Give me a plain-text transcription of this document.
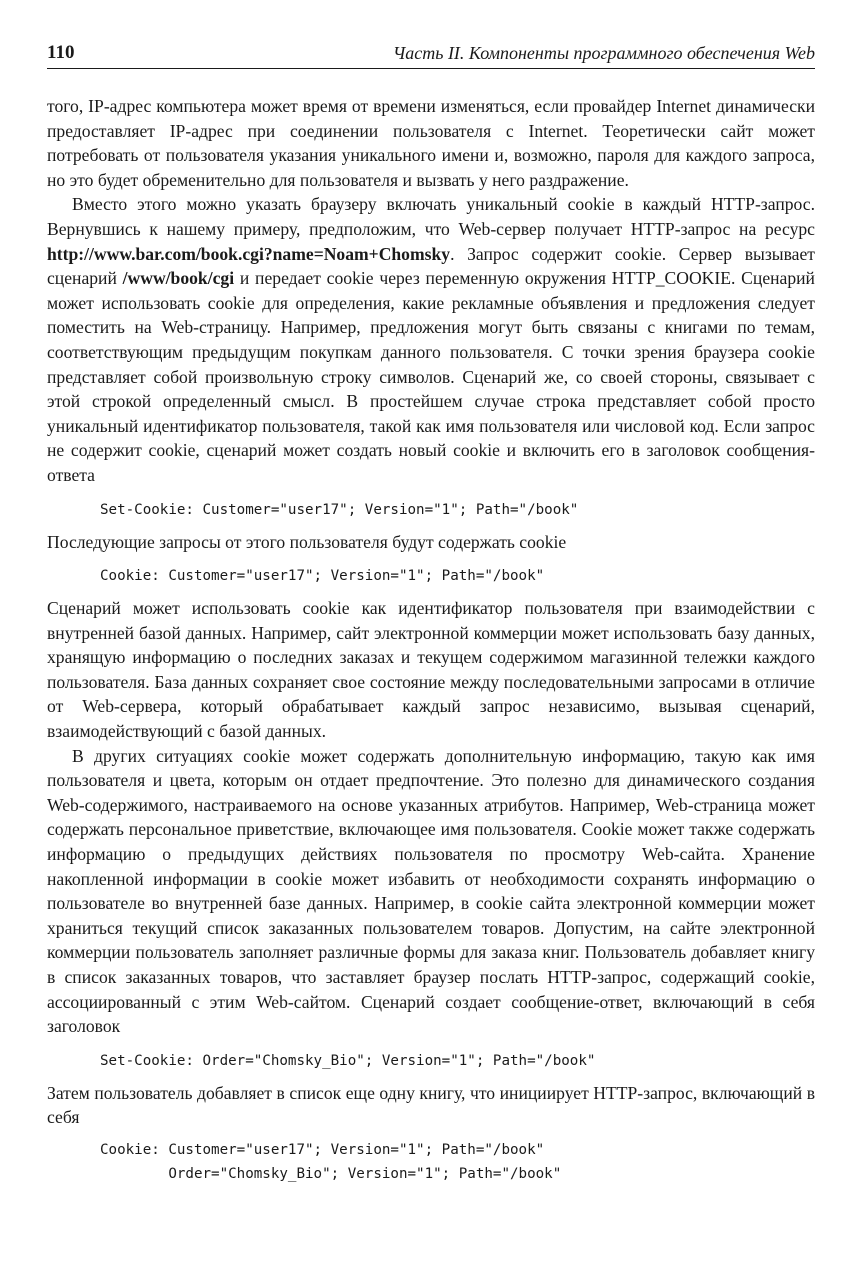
110	Часть II. Компоненты программного обеспечения Web

того, IP-адрес компьютера может время от времени изменяться, если провайдер Internet динамически предоставляет IP-адрес при соединении пользователя с Internet. Теоретически сайт может потребовать от пользователя указания уникального имени и, возможно, пароля для каждого запроса, но это будет обременительно для пользователя и вызвать у него раздражение.

Вместо этого можно указать браузеру включать уникальный cookie в каждый HTTP-запрос. Вернувшись к нашему примеру, предположим, что Web-сервер получает HTTP-запрос на ресурс http://www.bar.com/book.cgi?name=Noam+Chomsky. Запрос содержит cookie. Сервер вызывает сценарий /www/book/cgi и передает cookie через переменную окружения HTTP_COOKIE. Сценарий может использовать cookie для определения, какие рекламные объявления и предложения следует поместить на Web-страницу. Например, предложения могут быть связаны с книгами по темам, соответствующим предыдущим покупкам данного пользователя. С точки зрения браузера cookie представляет собой произвольную строку символов. Сценарий же, со своей стороны, связывает с этой строкой определенный смысл. В простейшем случае строка представляет собой просто уникальный идентификатор пользователя, такой как имя пользователя или числовой код. Если запрос не содержит cookie, сценарий может создать новый cookie и включить его в заголовок сообщения-ответа

Set-Cookie: Customer="user17"; Version="1"; Path="/book"

Последующие запросы от этого пользователя будут содержать cookie

Cookie: Customer="user17"; Version="1"; Path="/book"

Сценарий может использовать cookie как идентификатор пользователя при взаимодействии с внутренней базой данных. Например, сайт электронной коммерции может использовать базу данных, хранящую информацию о последних заказах и текущем содержимом магазинной тележки каждого пользователя. База данных сохраняет свое состояние между последовательными запросами в отличие от Web-сервера, который обрабатывает каждый запрос независимо, вызывая сценарий, взаимодействующий с базой данных.

В других ситуациях cookie может содержать дополнительную информацию, такую как имя пользователя и цвета, которым он отдает предпочтение. Это полезно для динамического создания Web-содержимого, настраиваемого на основе указанных атрибутов. Например, Web-страница может содержать персональное приветствие, включающее имя пользователя. Cookie может также содержать информацию о предыдущих действиях пользователя по просмотру Web-сайта. Хранение накопленной информации в cookie может избавить от необходимости сохранять информацию о пользователе во внутренней базе данных. Например, в cookie сайта электронной коммерции может храниться текущий список заказанных пользователем товаров. Допустим, на сайте электронной коммерции пользователь заполняет различные формы для заказа книг. Пользователь добавляет книгу в список заказанных товаров, что заставляет браузер послать HTTP-запрос, содержащий cookie, ассоциированный с этим Web-сайтом. Сценарий создает сообщение-ответ, включающий в себя заголовок

Set-Cookie: Order="Chomsky_Bio"; Version="1"; Path="/book"

Затем пользователь добавляет в список еще одну книгу, что инициирует HTTP-запрос, включающий в себя

Cookie: Customer="user17"; Version="1"; Path="/book"
Order="Chomsky_Bio"; Version="1"; Path="/book"
